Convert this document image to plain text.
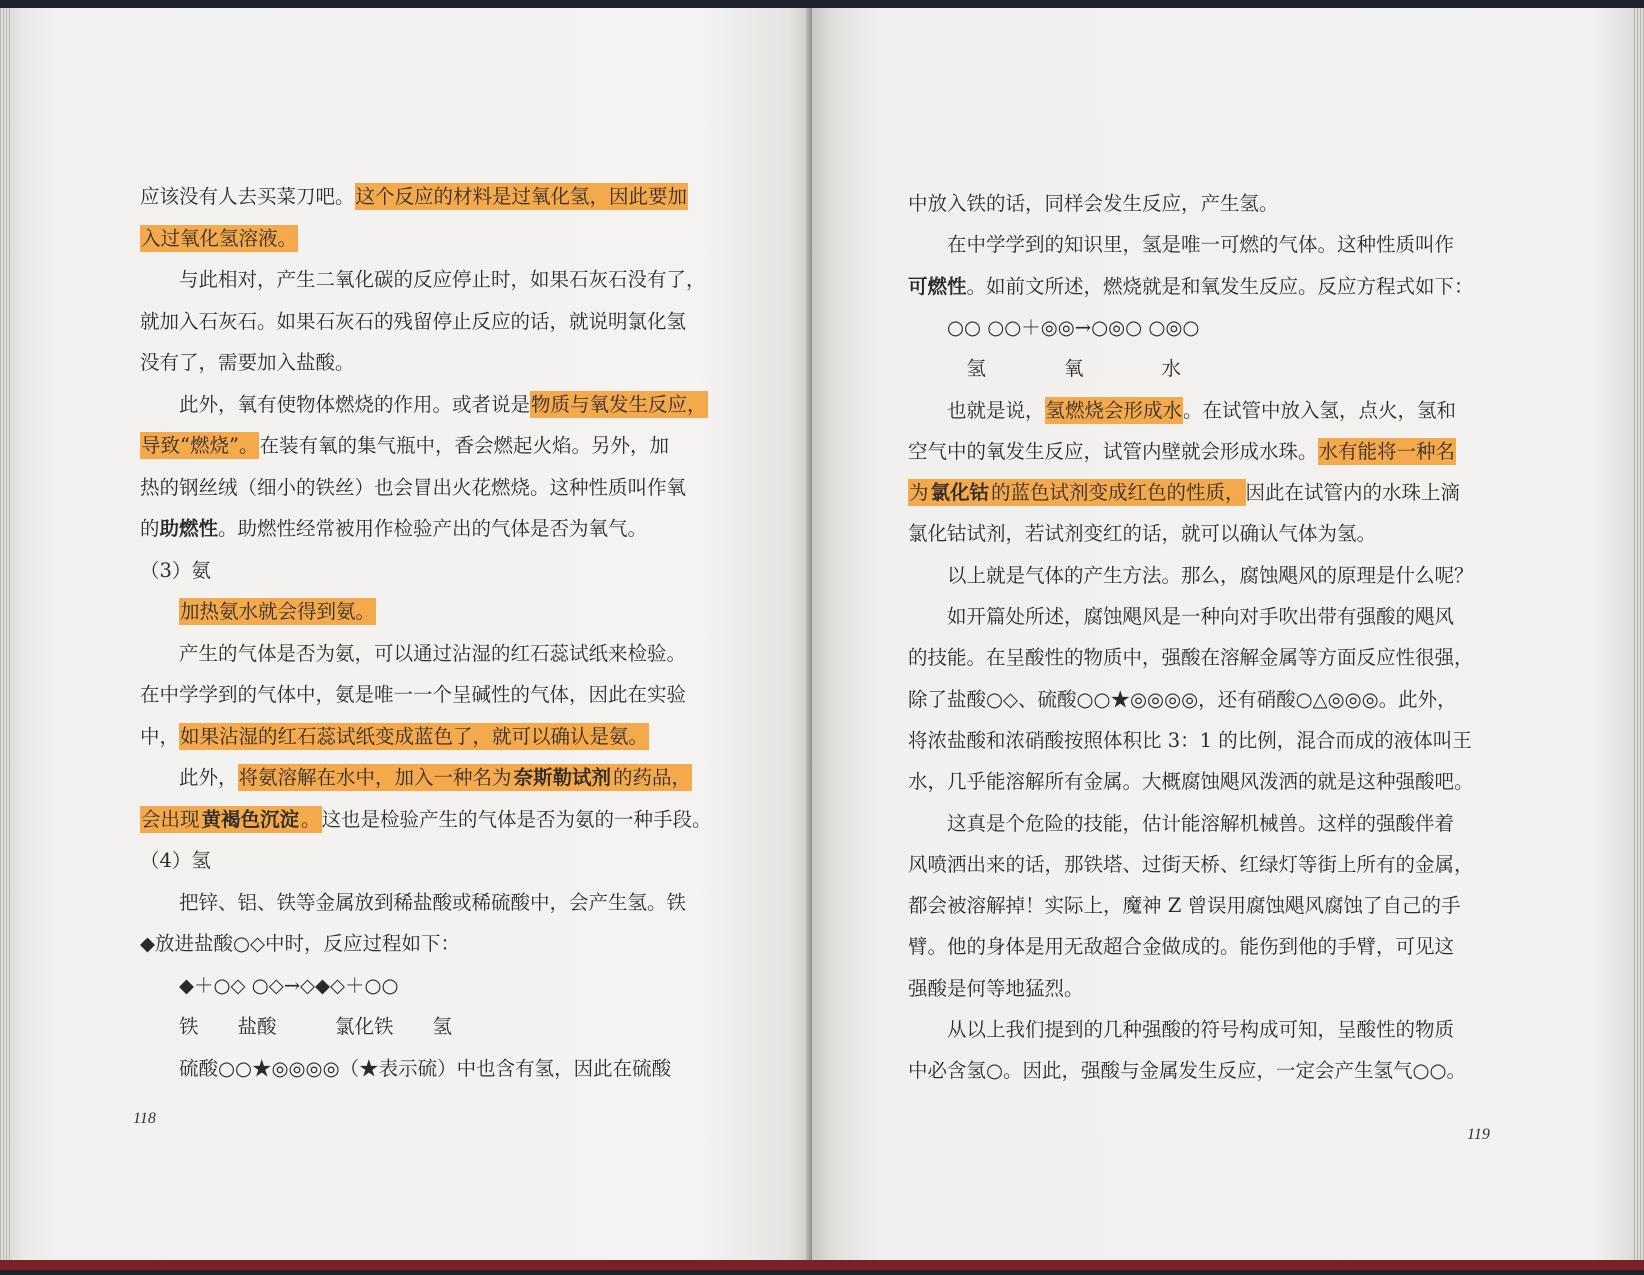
应该没有人去买菜刀吧。这个反应的材料是过氧化氢，因此要加
入过氧化氢溶液。
　　与此相对，产生二氧化碳的反应停止时，如果石灰石没有了，
就加入石灰石。如果石灰石的残留停止反应的话，就说明氯化氢
没有了，需要加入盐酸。
　　此外，氧有使物体燃烧的作用。或者说是物质与氧发生反应，
导致“燃烧”。在装有氧的集气瓶中，香会燃起火焰。另外，加
热的钢丝绒（细小的铁丝）也会冒出火花燃烧。这种性质叫作氧
的助燃性。助燃性经常被用作检验产出的气体是否为氧气。
（3）氨
　　加热氨水就会得到氨。
　　产生的气体是否为氨，可以通过沾湿的红石蕊试纸来检验。
在中学学到的气体中，氨是唯一一个呈碱性的气体，因此在实验
中，如果沾湿的红石蕊试纸变成蓝色了，就可以确认是氨。
　　此外，将氨溶解在水中，加入一种名为 奈斯勒试剂 的药品，
会出现 黄褐色沉淀 。这也是检验产生的气体是否为氨的一种手段。
（4）氢
　　把锌、铝、铁等金属放到稀盐酸或稀硫酸中，会产生氢。铁
◆放进盐酸○◇中时，反应过程如下：
　　◆＋○◇ ○◇→◇◆◇＋○○
　　铁　　盐酸　　　氯化铁　　氢
　　硫酸○○★◎◎◎◎（★表示硫）中也含有氢，因此在硫酸
118
中放入铁的话，同样会发生反应，产生氢。
　　在中学学到的知识里，氢是唯一可燃的气体。这种性质叫作
可燃性。如前文所述，燃烧就是和氧发生反应。反应方程式如下：
　　○○ ○○＋◎◎→○◎○ ○◎○
　　　氢　　　　氧　　　　水
　　也就是说，氢燃烧会形成水。在试管中放入氢，点火，氢和
空气中的氧发生反应，试管内壁就会形成水珠。水有能将一种名
为 氯化钴 的蓝色试剂变成红色的性质，因此在试管内的水珠上滴
氯化钴试剂，若试剂变红的话，就可以确认气体为氢。
　　以上就是气体的产生方法。那么，腐蚀飓风的原理是什么呢？
　　如开篇处所述，腐蚀飓风是一种向对手吹出带有强酸的飓风
的技能。在呈酸性的物质中，强酸在溶解金属等方面反应性很强，
除了盐酸○◇、硫酸○○★◎◎◎◎，还有硝酸○△◎◎◎。此外，
将浓盐酸和浓硝酸按照体积比 3：1 的比例，混合而成的液体叫王
水，几乎能溶解所有金属。大概腐蚀飓风泼洒的就是这种强酸吧。
　　这真是个危险的技能，估计能溶解机械兽。这样的强酸伴着
风喷洒出来的话，那铁塔、过街天桥、红绿灯等街上所有的金属，
都会被溶解掉！实际上，魔神 Z 曾误用腐蚀飓风腐蚀了自己的手
臂。他的身体是用无敌超合金做成的。能伤到他的手臂，可见这
强酸是何等地猛烈。
　　从以上我们提到的几种强酸的符号构成可知，呈酸性的物质
中必含氢○。因此，强酸与金属发生反应，一定会产生氢气○○。
119
